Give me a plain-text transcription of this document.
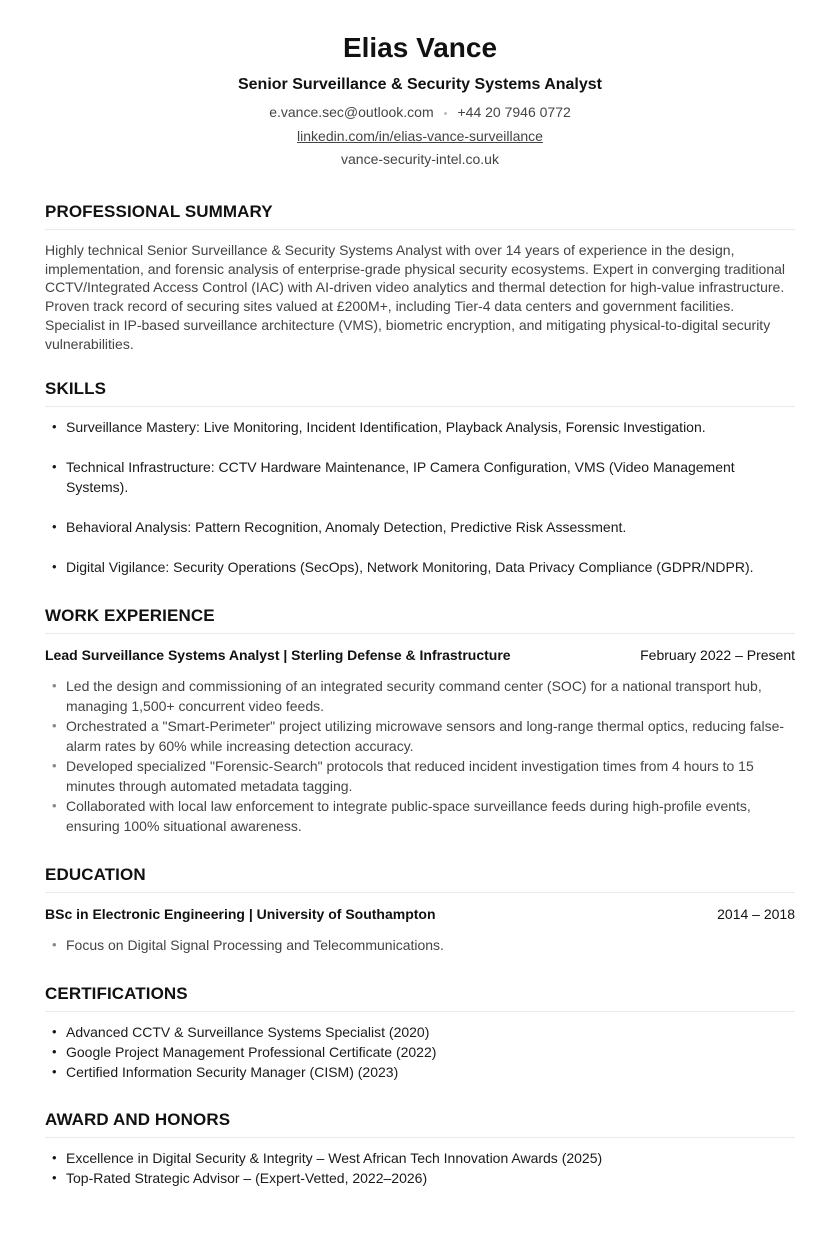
Elias Vance
Senior Surveillance & Security Systems Analyst
e.vance.sec@outlook.com • +44 20 7946 0772
linkedin.com/in/elias-vance-surveillance
vance-security-intel.co.uk
PROFESSIONAL SUMMARY

Highly technical Senior Surveillance & Security Systems Analyst with over 14 years of experience in the design, implementation, and forensic analysis of enterprise-grade physical security ecosystems. Expert in converging traditional CCTV/Integrated Access Control (IAC) with AI-driven video analytics and thermal detection for high-value infrastructure. Proven track record of securing sites valued at £200M+, including Tier-4 data centers and government facilities. Specialist in IP-based surveillance architecture (VMS), biometric encryption, and mitigating physical-to-digital security vulnerabilities.

SKILLS
• Surveillance Mastery: Live Monitoring, Incident Identification, Playback Analysis, Forensic Investigation.
• Technical Infrastructure: CCTV Hardware Maintenance, IP Camera Configuration, VMS (Video Management Systems).
• Behavioral Analysis: Pattern Recognition, Anomaly Detection, Predictive Risk Assessment.
• Digital Vigilance: Security Operations (SecOps), Network Monitoring, Data Privacy Compliance (GDPR/NDPR).
WORK EXPERIENCE
Lead Surveillance Systems Analyst | Sterling Defense & Infrastructure	February 2022 – Present
• Led the design and commissioning of an integrated security command center (SOC) for a national transport hub, managing 1,500+ concurrent video feeds.
• Orchestrated a "Smart-Perimeter" project utilizing microwave sensors and long-range thermal optics, reducing false-alarm rates by 60% while increasing detection accuracy.
• Developed specialized "Forensic-Search" protocols that reduced incident investigation times from 4 hours to 15 minutes through automated metadata tagging.
• Collaborated with local law enforcement to integrate public-space surveillance feeds during high-profile events, ensuring 100% situational awareness.
EDUCATION
BSc in Electronic Engineering | University of Southampton	2014 – 2018
• Focus on Digital Signal Processing and Telecommunications.
CERTIFICATIONS
• Advanced CCTV & Surveillance Systems Specialist (2020)
• Google Project Management Professional Certificate (2022)
• Certified Information Security Manager (CISM) (2023)
AWARD AND HONORS
• Excellence in Digital Security & Integrity – West African Tech Innovation Awards (2025)
• Top-Rated Strategic Advisor – (Expert-Vetted, 2022–2026)
